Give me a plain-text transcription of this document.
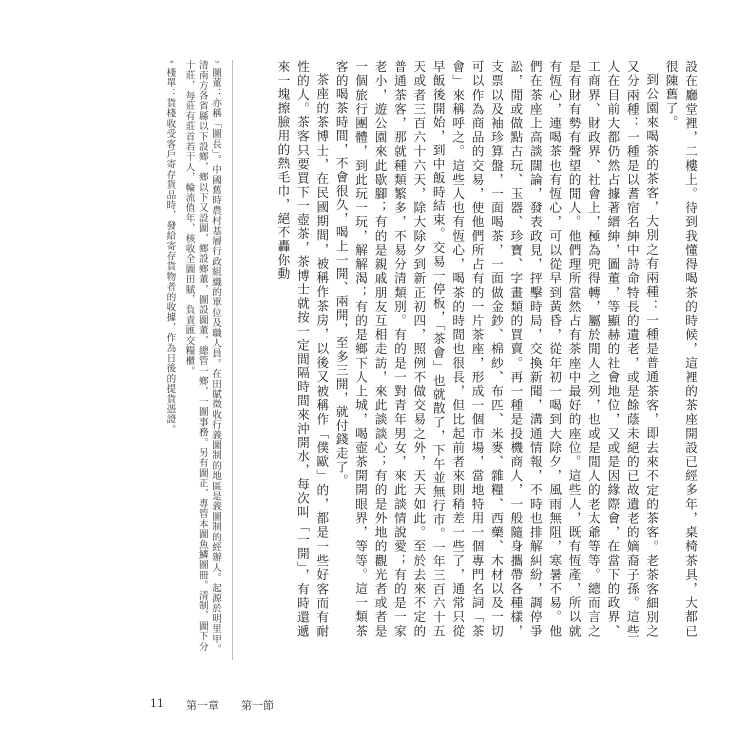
設在廳堂裡，二樓上。待到我懂得喝茶的時候，這裡的茶座開設已經多年，桌椅茶具，大都已很陳舊了。

到公園來喝茶的茶客，大別之有兩種：一種是普通茶客，即去來不定的茶客。老茶客細別之又分兩種：一種是以耆宿名紳中詩命特長的遺老，或是餘蔭未絕的已故遺老的嫡裔子孫。這些人在目前大都仍然占據著縉紳，圖董，等顯赫的社會地位，又或是因緣際會，在當下的政界、工商界、財政界、社會上，極為兜得轉，屬於閒人之列，也或是閒人的老太爺等等。總而言之是有財有勢有聲望的閒人。他們理所當然占有茶座中最好的座位。這些人，既有恆產，所以就有恆心，連喝茶也有恆心，可以從早到黃昏，從年初一喝到大除夕，風雨無阻，寒暑不易。他們在茶座上高談闊論，發表政見，抨擊時局，交換新聞，溝通情報，不時也排解糾紛，調停爭訟，閒或做點古玩、玉器、珍寶、字畫類的買賣。再一種是投機商人，一般隨身攜帶各種樣，支票以及袖珍算盤，一面喝茶，一面做金鈔、棉紗、布匹、米麥、雜糧、西藥、木材以及一切可以作為商品的交易，使他們所占有的一片茶座，形成一個市場，當地特用一個專門名詞「茶會」來稱呼之。這些人也有恆心，喝茶的時間也很長，但比起前者來則稍差一些了，通常只從早飯後開始，到中飯時結束。交易一停板，「茶會」也就散了，下午並無行市。一年三百六十五天或者三百六十六天，除大除夕到新正初四，照例不做交易之外，天天如此。至於去來不定的普通茶客，那就種類繁多，不易分清類別。有的是一對青年男女，來此談情說愛；有的是一家老小，遊公園來此歇腳；有的是親戚朋友互相走訪，來此談談心；有的是外地的觀光者或者是一個旅行團體，到此玩一玩，解解渴；有的是鄉下人上城，喝壺茶開開眼界，等等。這一類茶客的喝茶時間，不會很久，喝上一開、兩開，至多三開，就付錢走了。

茶座的茶博士，在民國期間，被稱作茶房，以後又被稱作「僕歐」的，都是一些好客而有耐性的人。茶客只要買下一壺茶，茶博士就按一定間隔時間來沖開水，每次叫「一開」，有時還遞來一塊擦臉用的熱毛巾，絕不轟你動

³ 圖董：亦稱「圖長」。中國舊時農村基層行政組織的單位及職人員。在田賦徵收行義圖制的地區是義圖制的經辦人。起源於明里甲。清南方各省縣以下設鄉，鄉以下又設圖，鄉設鄉董，圖設圖董，總管一鄉，一圖事務。另有圖正，專管本圖魚鱗圖冊。清制，圖下分十莊，每莊有莊首若干人，輪流值年，核收全圖田賦，負責匯交糧櫃。

⁴ 棧單：貨棧收受客戶寄存貨品時，發給寄存貨物者的收據，作為日後的提貨憑證。

11 第一章 第一節
